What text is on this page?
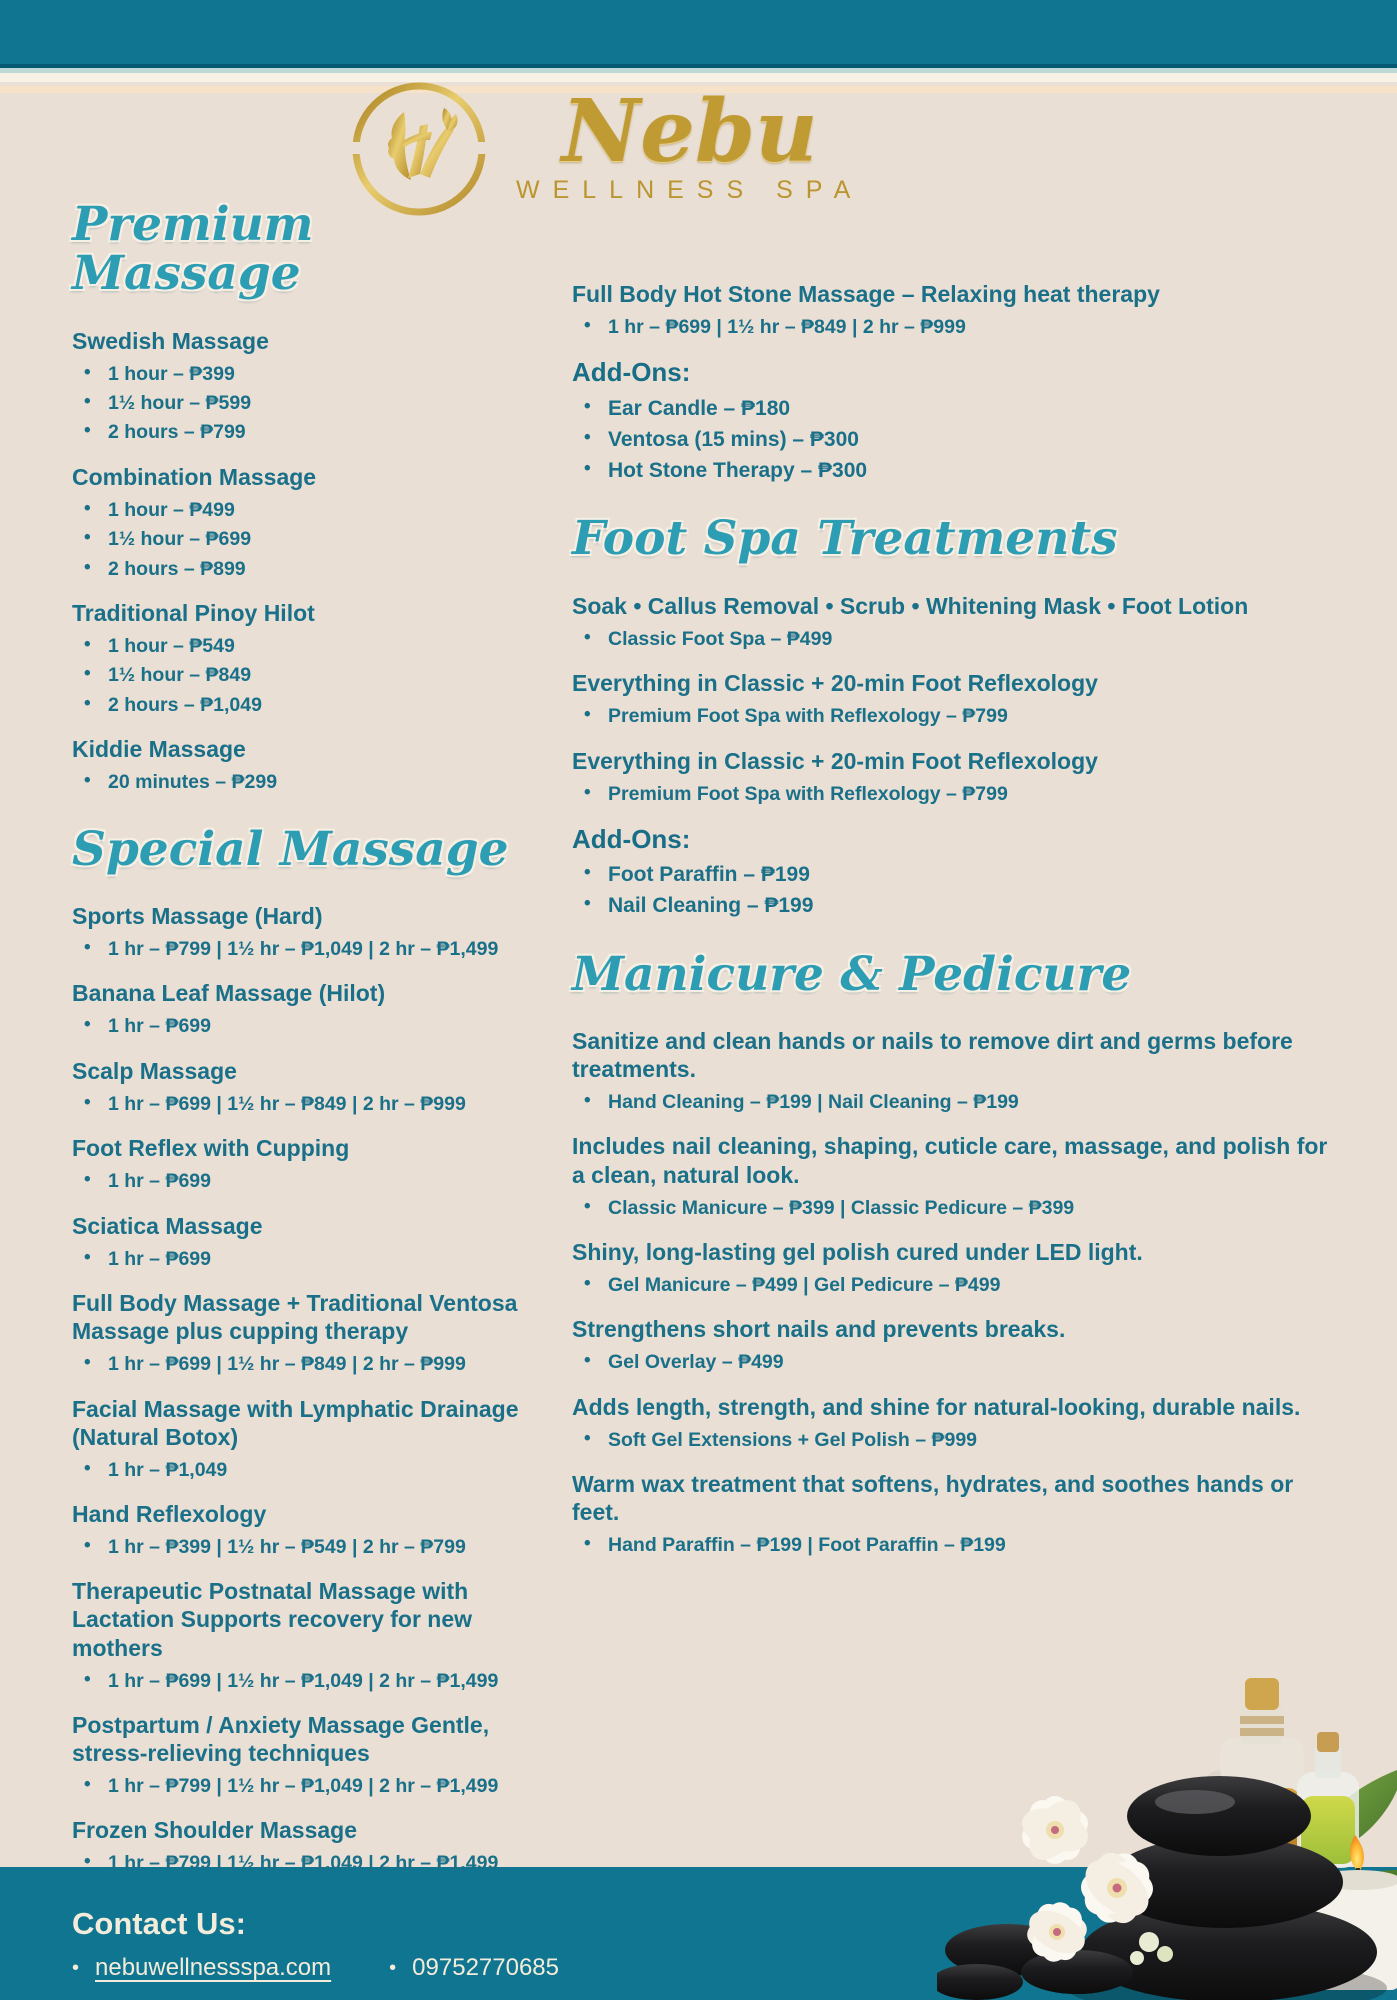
Nebu
WELLNESS SPA
Premium Massage
Swedish Massage
• 1 hour – ₱399
• 1½ hour – ₱599
• 2 hours – ₱799
Combination Massage
• 1 hour – ₱499
• 1½ hour – ₱699
• 2 hours – ₱899
Traditional Pinoy Hilot
• 1 hour – ₱549
• 1½ hour – ₱849
• 2 hours – ₱1,049
Kiddie Massage
• 20 minutes – ₱299
Special Massage
Sports Massage (Hard)
• 1 hr – ₱799 | 1½ hr – ₱1,049 | 2 hr – ₱1,499
Banana Leaf Massage (Hilot)
• 1 hr – ₱699
Scalp Massage
• 1 hr – ₱699 | 1½ hr – ₱849 | 2 hr – ₱999
Foot Reflex with Cupping
• 1 hr – ₱699
Sciatica Massage
• 1 hr – ₱699
Full Body Massage + Traditional Ventosa Massage plus cupping therapy
• 1 hr – ₱699 | 1½ hr – ₱849 | 2 hr – ₱999
Facial Massage with Lymphatic Drainage (Natural Botox)
• 1 hr – ₱1,049
Hand Reflexology
• 1 hr – ₱399 | 1½ hr – ₱549 | 2 hr – ₱799
Therapeutic Postnatal Massage with Lactation Supports recovery for new mothers
• 1 hr – ₱699 | 1½ hr – ₱1,049 | 2 hr – ₱1,499
Postpartum / Anxiety Massage Gentle, stress-relieving techniques
• 1 hr – ₱799 | 1½ hr – ₱1,049 | 2 hr – ₱1,499
Frozen Shoulder Massage
• 1 hr – ₱799 | 1½ hr – ₱1,049 | 2 hr – ₱1,499
Full Body Hot Stone Massage – Relaxing heat therapy
• 1 hr – ₱699 | 1½ hr – ₱849 | 2 hr – ₱999
Add-Ons:
• Ear Candle – ₱180
• Ventosa (15 mins) – ₱300
• Hot Stone Therapy – ₱300
Foot Spa Treatments
Soak • Callus Removal • Scrub • Whitening Mask • Foot Lotion
• Classic Foot Spa – ₱499
Everything in Classic + 20-min Foot Reflexology
• Premium Foot Spa with Reflexology – ₱799
Everything in Classic + 20-min Foot Reflexology
• Premium Foot Spa with Reflexology – ₱799
Add-Ons:
• Foot Paraffin – ₱199
• Nail Cleaning – ₱199
Manicure & Pedicure
Sanitize and clean hands or nails to remove dirt and germs before treatments.
• Hand Cleaning – ₱199 | Nail Cleaning – ₱199
Includes nail cleaning, shaping, cuticle care, massage, and polish for a clean, natural look.
• Classic Manicure – ₱399 | Classic Pedicure – ₱399
Shiny, long-lasting gel polish cured under LED light.
• Gel Manicure – ₱499 | Gel Pedicure – ₱499
Strengthens short nails and prevents breaks.
• Gel Overlay – ₱499
Adds length, strength, and shine for natural-looking, durable nails.
• Soft Gel Extensions + Gel Polish – ₱999
Warm wax treatment that softens, hydrates, and soothes hands or feet.
• Hand Paraffin – ₱199 | Foot Paraffin – ₱199
Contact Us:
• nebuwellnessspa.com	• 09752770685
